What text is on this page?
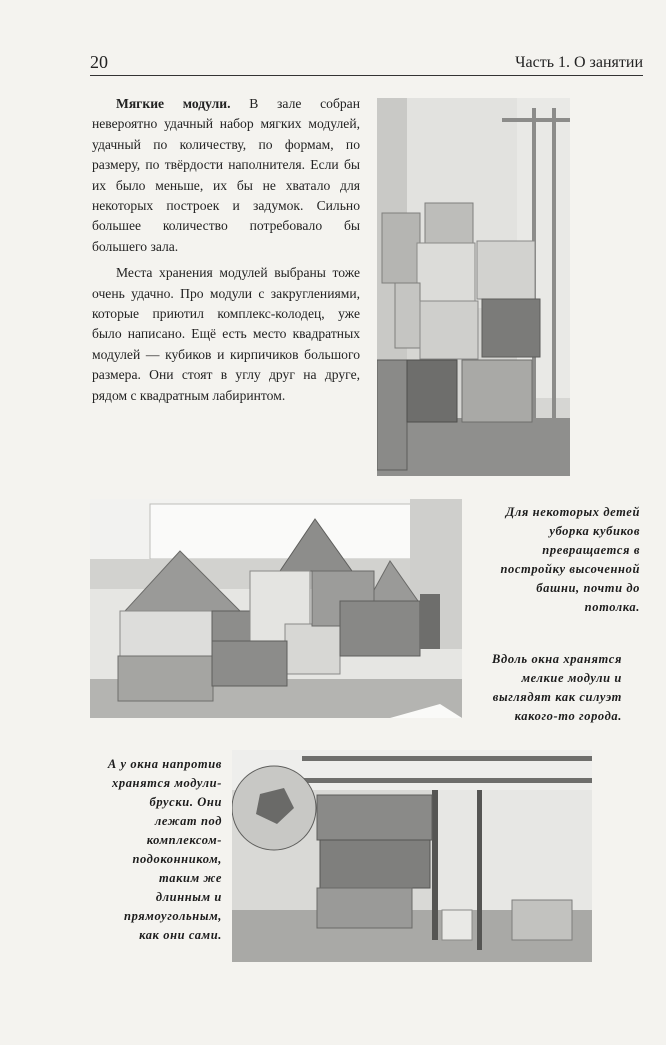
20	Часть 1. О занятии

Мягкие модули. В зале собран невероятно удачный набор мягких модулей, удачный по количеству, по формам, по размеру, по твёрдости наполнителя. Если бы их было меньше, их бы не хватало для некоторых построек и задумок. Сильно большее количество потребовало бы большего зала.

Места хранения модулей выбраны тоже очень удачно. Про модули с закруглениями, которые приютил комплекс-колодец, уже было написано. Ещё есть место квадратных модулей — кубиков и кирпичиков большого размера. Они стоят в углу друг на друге, рядом с квадратным лабиринтом.

Для некоторых детей уборка кубиков превращается в постройку высоченной башни, почти до потолка.
Вдоль окна хранятся мелкие модули и выглядят как силуэт какого-то города.
А у окна напротив хранятся модули-бруски. Они лежат под комплексом-подоконником, таким же длинным и прямоугольным, как они сами.
